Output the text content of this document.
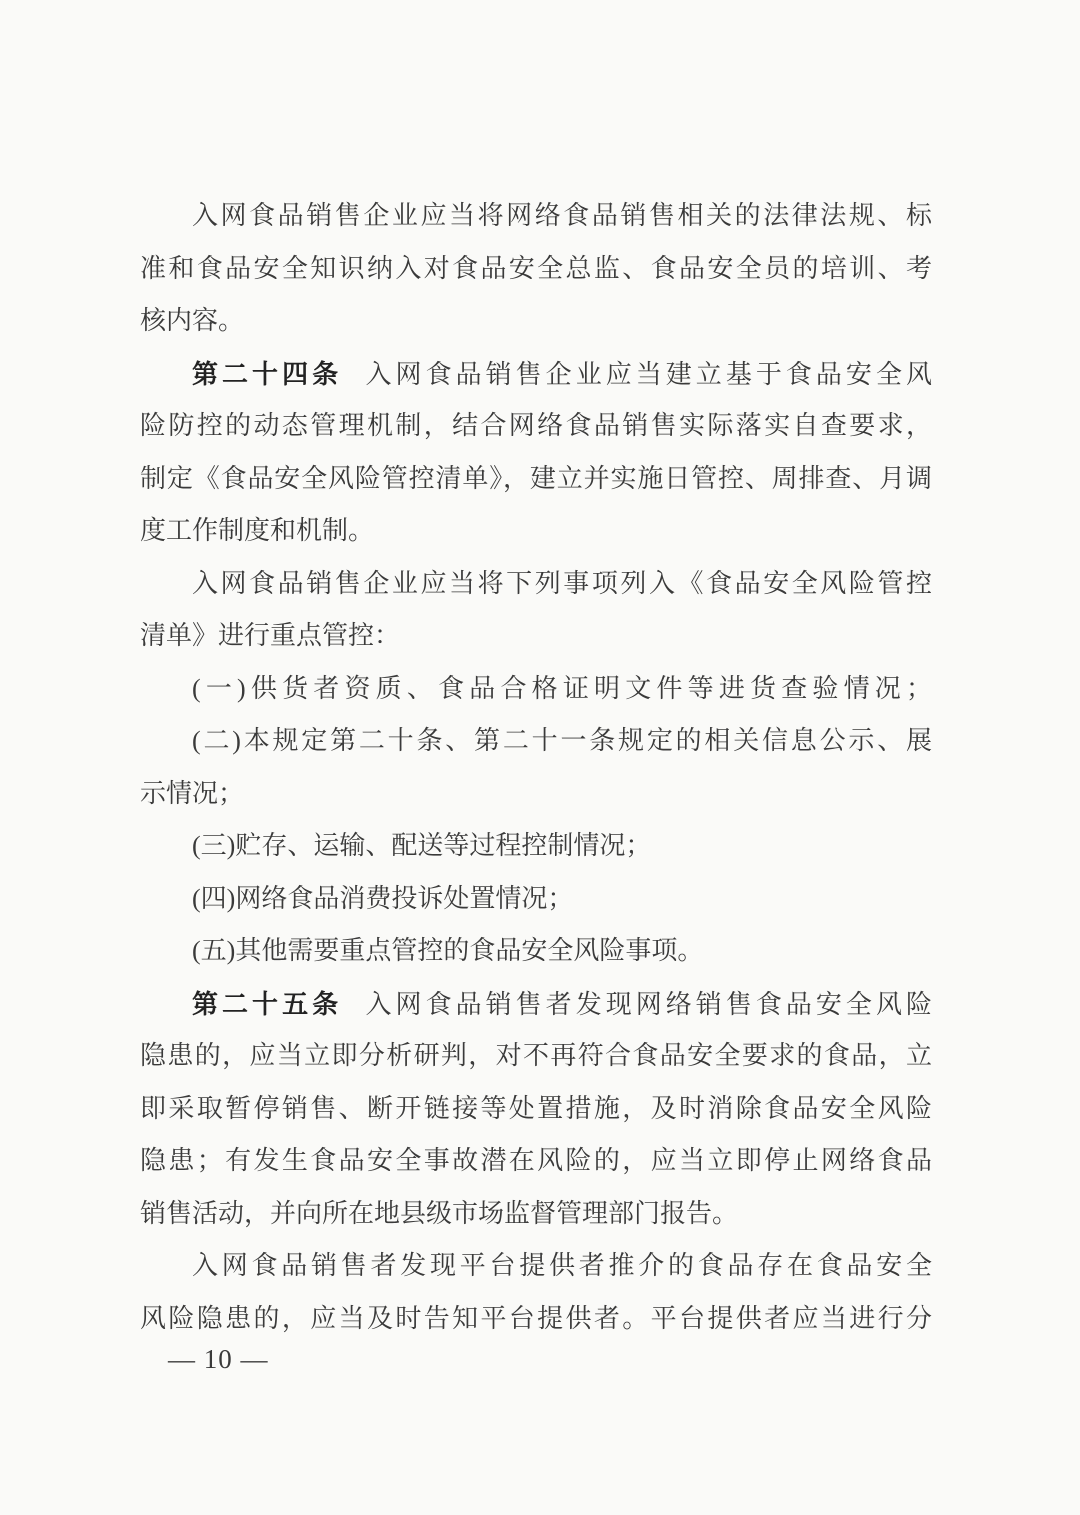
入网食品销售企业应当将网络食品销售相关的法律法规、标
准和食品安全知识纳入对食品安全总监、食品安全员的培训、考
核内容。
第二十四条 入网食品销售企业应当建立基于食品安全风
险防控的动态管理机制，结合网络食品销售实际落实自查要求，
制定《食品安全风险管控清单》，建立并实施日管控、周排查、月调
度工作制度和机制。
入网食品销售企业应当将下列事项列入《食品安全风险管控
清单》进行重点管控：
(一)供货者资质、食品合格证明文件等进货查验情况；
(二)本规定第二十条、第二十一条规定的相关信息公示、展
示情况；
(三)贮存、运输、配送等过程控制情况；
(四)网络食品消费投诉处置情况；
(五)其他需要重点管控的食品安全风险事项。
第二十五条 入网食品销售者发现网络销售食品安全风险
隐患的，应当立即分析研判，对不再符合食品安全要求的食品，立
即采取暂停销售、断开链接等处置措施，及时消除食品安全风险
隐患；有发生食品安全事故潜在风险的，应当立即停止网络食品
销售活动，并向所在地县级市场监督管理部门报告。
入网食品销售者发现平台提供者推介的食品存在食品安全
风险隐患的，应当及时告知平台提供者。平台提供者应当进行分
— 10 —
